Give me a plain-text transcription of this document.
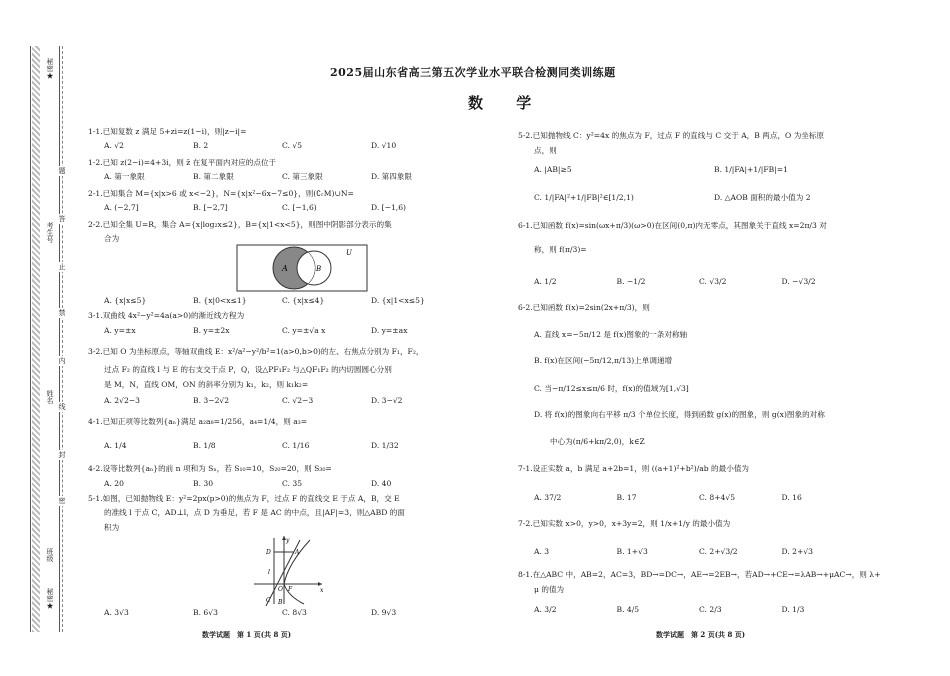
秘密★
考生号
姓名
班级
秘密★
题
答
止
禁
内
线
封
密
2025届山东省高三第五次学业水平联合检测同类训练题
数 学
1-1.已知复数 z 满足 5+zi=z(1−i)，则|z−i|=
A. √2	B. 2	C. √5	D. √10
1-2.已知 z(2−i)=4+3i，则 z̄ 在复平面内对应的点位于
A. 第一象限	B. 第二象限	C. 第三象限	D. 第四象限
2-1.已知集合 M={x|x>6 或 x<−2}，N={x|x²−6x−7≤0}，则(∁ᵣM)∪N=
A. (−2,7]	B. [−2,7]	C. [−1,6)	D. [−1,6)
2-2.已知全集 U=R，集合 A={x|log₂x≤2}，B={x|1<x<5}，则图中阴影部分表示的集
合为
U
A	B
A. {x|x≤5}	B. {x|0<x≤1}	C. {x|x≤4}	D. {x|1<x≤5}
3-1.双曲线 4x²−y²=4a(a>0)的渐近线方程为
A. y=±x	B. y=±2x	C. y=±√a x	D. y=±ax
3-2.已知 O 为坐标原点，等轴双曲线 E：x²/a²−y²/b²=1(a>0,b>0)的左、右焦点分别为 F₁，F₂，
过点 F₂ 的直线 l 与 E 的右支交于点 P，Q，设△PF₁F₂ 与△QF₁F₂ 的内切圆圆心分别
是 M，N，直线 OM，ON 的斜率分别为 k₁，k₂，则 k₁k₂=
A. 2√2−3	B. 3−2√2	C. √2−3	D. 3−√2
4-1.已知正项等比数列{aₙ}满足 a₂a₈=1/256，a₄=1/4，则 a₃=
A. 1/4	B. 1/8	C. 1/16	D. 1/32
4-2.设等比数列{aₙ}的前 n 项和为 Sₙ，若 S₁₀=10，S₂₀=20，则 S₃₀=
A. 20	B. 30	C. 35	D. 40
5-1.如图，已知抛物线 E：y²=2px(p>0)的焦点为 F，过点 F 的直线交 E 于点 A，B，交 E
的准线 l 于点 C，AD⊥l，点 D 为垂足，若 F 是 AC 的中点，且|AF|=3，则△ABD 的面
积为
y
D	A
l
O F	x
C B
A. 3√3	B. 6√3	C. 8√3	D. 9√3
5-2.已知抛物线 C：y²=4x 的焦点为 F，过点 F 的直线与 C 交于 A，B 两点，O 为坐标原
点，则
A. |AB|≥5	B. 1/|FA|+1/|FB|=1
C. 1/|FA|²+1/|FB|²∈[1/2,1)	D. △AOB 面积的最小值为 2
6-1.已知函数 f(x)=sin(ωx+π/3)(ω>0)在区间(0,π)内无零点，其图象关于直线 x=2π/3 对
称，则 f(π/3)=
A. 1/2	B. −1/2	C. √3/2	D. −√3/2
6-2.已知函数 f(x)=2sin(2x+π/3)，则
A. 直线 x=−5π/12 是 f(x)图象的一条对称轴
B. f(x)在区间(−5π/12,π/13)上单调递增
C. 当−π/12≤x≤π/6 时，f(x)的值域为[1,√3]
D. 将 f(x)的图象向右平移 π/3 个单位长度，得到函数 g(x)的图象，则 g(x)图象的对称
中心为(π/6+kπ/2,0)，k∈Z
7-1.设正实数 a，b 满足 a+2b=1，则 ((a+1)²+b²)/ab 的最小值为
A. 37/2	B. 17	C. 8+4√5	D. 16
7-2.已知实数 x>0，y>0，x+3y=2，则 1/x+1/y 的最小值为
A. 3	B. 1+√3	C. 2+√3/2	D. 2+√3
8-1.在△ABC 中，AB=2，AC=3，BD→=DC→，AE→=2EB→，若AD→+CE→=λAB→+μAC→，则 λ+
μ 的值为
A. 3/2	B. 4/5	C. 2/3	D. 1/3
数学试题　第 1 页(共 8 页)	数学试题　第 2 页(共 8 页)
